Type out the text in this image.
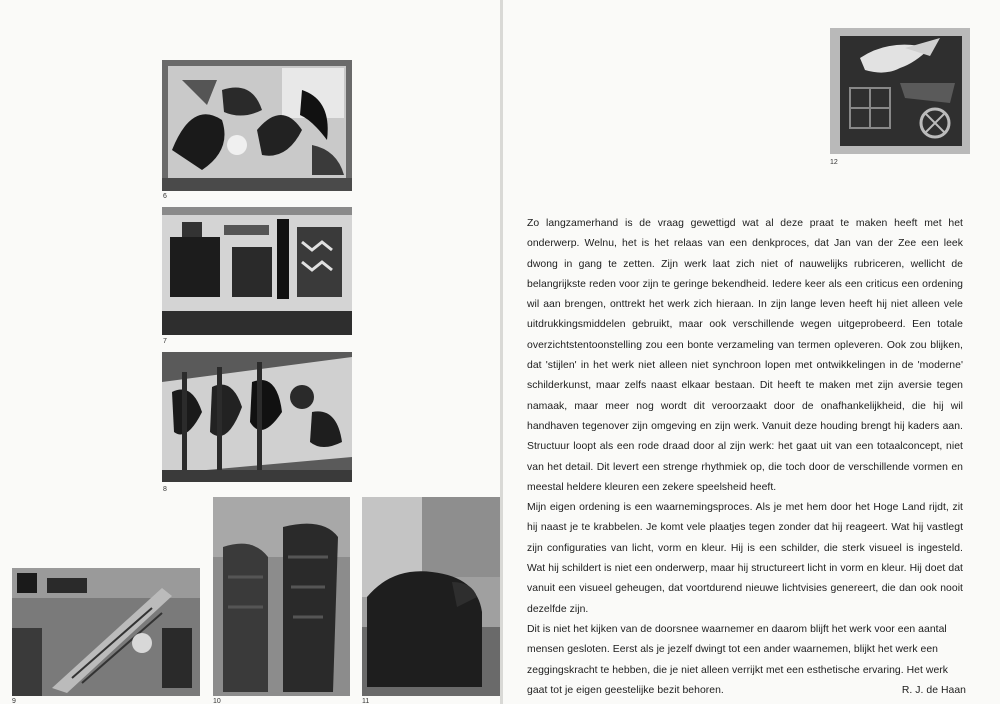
6
7
8
9	10	11
12

Zo langzamerhand is de vraag gewettigd wat al deze praat te maken heeft met het onderwerp. Welnu, het is het relaas van een denkproces, dat Jan van der Zee een leek dwong in gang te zetten. Zijn werk laat zich niet of nauwelijks rubriceren, wellicht de belangrijkste reden voor zijn te geringe bekendheid. Iedere keer als een criticus een ordening wil aan brengen, onttrekt het werk zich hieraan. In zijn lange leven heeft hij niet alleen vele uitdrukkingsmiddelen gebruikt, maar ook verschillende wegen uitgeprobeerd. Een totale overzichtstentoonstelling zou een bonte verzameling van termen opleveren. Ook zou blijken, dat 'stijlen' in het werk niet alleen niet synchroon lopen met ontwikkelingen in de 'moderne' schilderkunst, maar zelfs naast elkaar bestaan. Dit heeft te maken met zijn aversie tegen namaak, maar meer nog wordt dit veroorzaakt door de onafhankelijkheid, die hij wil handhaven tegenover zijn omgeving en zijn werk. Vanuit deze houding brengt hij kaders aan. Structuur loopt als een rode draad door al zijn werk: het gaat uit van een totaalconcept, niet van het detail. Dit levert een strenge rhythmiek op, die toch door de verschillende vormen en meestal heldere kleuren een zekere speelsheid heeft.

Mijn eigen ordening is een waarnemingsproces. Als je met hem door het Hoge Land rijdt, zit hij naast je te krabbelen. Je komt vele plaatjes tegen zonder dat hij reageert. Wat hij vastlegt zijn configuraties van licht, vorm en kleur. Hij is een schilder, die sterk visueel is ingesteld. Wat hij schildert is niet een onderwerp, maar hij structureert licht in vorm en kleur. Hij doet dat vanuit een visueel geheugen, dat voortdurend nieuwe lichtvisies genereert, die dan ook nooit dezelfde zijn.

Dit is niet het kijken van de doorsnee waarnemer en daarom blijft het werk voor een aantal mensen gesloten. Eerst als je jezelf dwingt tot een ander waarnemen, blijkt het werk een zeggingskracht te hebben, die je niet alleen verrijkt met een esthetische ervaring. Het werk gaat tot je eigen geestelijke bezit behoren.	R. J. de Haan
